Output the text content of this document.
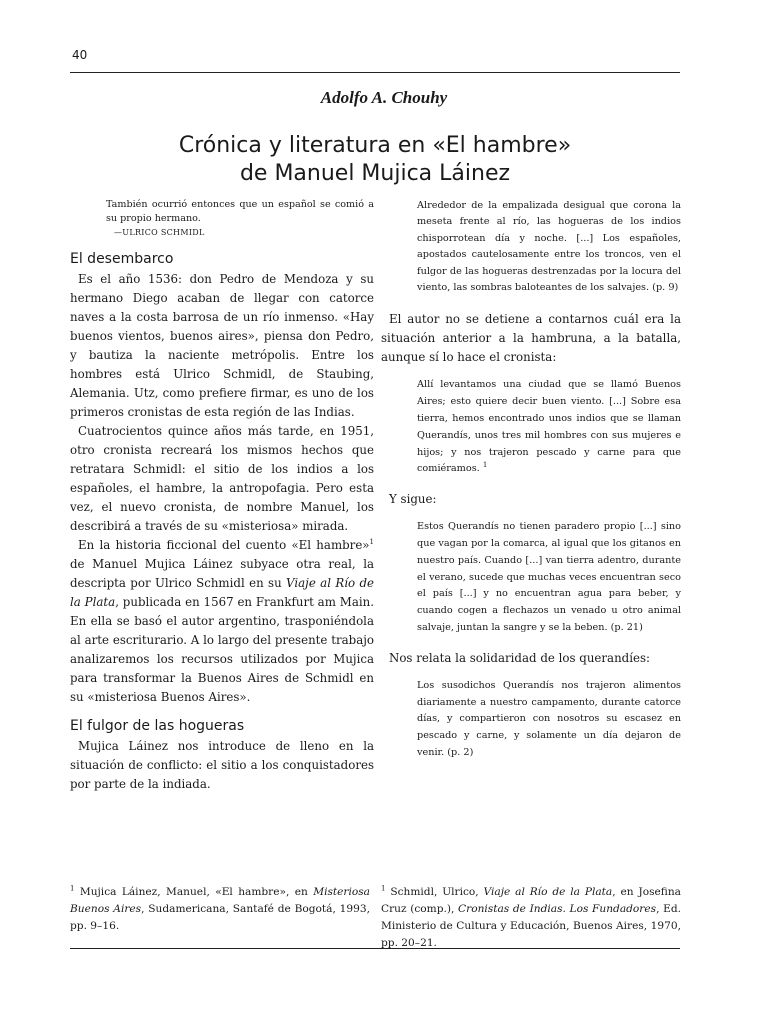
40
Adolfo A. Chouhy
Crónica y literatura en «El hambre»
de Manuel Mujica Láinez
También ocurrió entonces que un español se comió a su propio hermano.
—ULRICO SCHMIDL
El desembarco

Es el año 1536: don Pedro de Mendoza y su hermano Diego acaban de llegar con catorce naves a la costa barrosa de un río inmenso. «Hay buenos vientos, buenos aires», piensa don Pedro, y bautiza la naciente metrópolis. Entre los hombres está Ulrico Schmidl, de Staubing, Alemania. Utz, como prefiere firmar, es uno de los primeros cronistas de esta región de las Indias.

Cuatrocientos quince años más tarde, en 1951, otro cronista recreará los mismos hechos que retratara Schmidl: el sitio de los indios a los españoles, el hambre, la antropofagia. Pero esta vez, el nuevo cronista, de nombre Manuel, los describirá a través de su «misteriosa» mirada.

En la historia ficcional del cuento «El hambre»$^1$ de Manuel Mujica Láinez subyace otra real, la descripta por Ulrico Schmidl en su Viaje al Río de la Plata, publicada en 1567 en Frankfurt am Main. En ella se basó el autor argentino, trasponiéndola al arte escriturario. A lo largo del presente trabajo analizaremos los recursos utilizados por Mujica para transformar la Buenos Aires de Schmidl en su «misteriosa Buenos Aires».

El fulgor de las hogueras

Mujica Láinez nos introduce de lleno en la situación de conflicto: el sitio a los conquistadores por parte de la indiada.

Alrededor de la empalizada desigual que corona la meseta frente al río, las hogueras de los indios chisporrotean día y noche. [...] Los españoles, apostados cautelosamente entre los troncos, ven el fulgor de las hogueras destrenzadas por la locura del viento, las sombras baloteantes de los salvajes. (p. 9)

El autor no se detiene a contarnos cuál era la situación anterior a la hambruna, a la batalla, aunque sí lo hace el cronista:

Allí levantamos una ciudad que se llamó Buenos Aires; esto quiere decir buen viento. [...] Sobre esa tierra, hemos encontrado unos indios que se llaman Querandís, unos tres mil hombres con sus mujeres e hijos; y nos trajeron pescado y carne para que comiéramos. $^1$

Y sigue:

Estos Querandís no tienen paradero propio [...] sino que vagan por la comarca, al igual que los gitanos en nuestro país. Cuando [...] van tierra adentro, durante el verano, sucede que muchas veces encuentran seco el país [...] y no encuentran agua para beber, y cuando cogen a flechazos un venado u otro animal salvaje, juntan la sangre y se la beben. (p. 21)

Nos relata la solidaridad de los querandíes:

Los susodichos Querandís nos trajeron alimentos diariamente a nuestro campamento, durante catorce días, y compartieron con nosotros su escasez en pescado y carne, y solamente un día dejaron de venir. (p. 2)
$^1$ Mujica Láinez, Manuel, «El hambre», en Misteriosa Buenos Aires, Sudamericana, Santafé de Bogotá, 1993, pp. 9–16.
$^1$ Schmidl, Ulrico, Viaje al Río de la Plata, en Josefina Cruz (comp.), Cronistas de Indias. Los Fundadores, Ed. Ministerio de Cultura y Educación, Buenos Aires, 1970, pp. 20–21.
